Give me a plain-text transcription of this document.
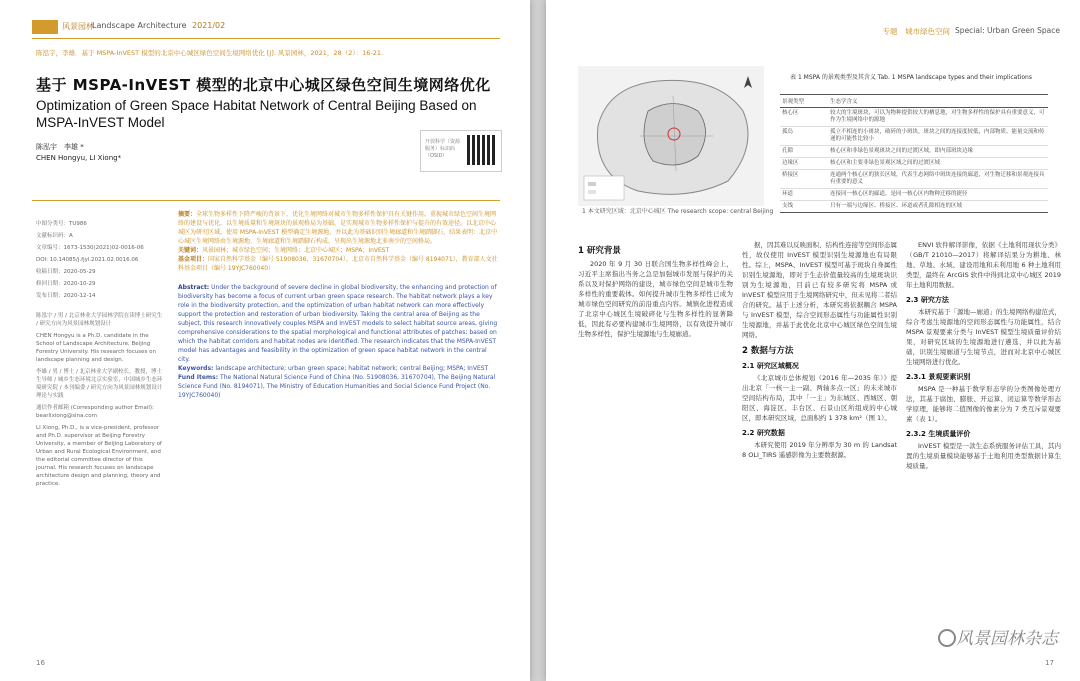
风景园林
Landscape Architecture 2021/02
陈泓宇，李雄．基于 MSPA-InVEST 模型的北京中心城区绿色空间生境网络优化 [J]. 风景园林，2021，28（2）：16-21.
基于 MSPA-InVEST 模型的北京中心城区绿色空间生境网络优化
Optimization of Green Space Habitat Network of Central Beijing Based on MSPA-InVEST Model
陈泓宇　李雄 *
CHEN Hongyu, LI Xiong*
开放科学（资源服务）标识码（OSID）

中图分类号：TU986

文献标识码：A

文章编号：1673-1530(2021)02-0016-06

DOI: 10.14085/j.fjyl.2021.02.0016.06

收稿日期：2020-05-29

修回日期：2020-10-29

发布日期：2020-12-14

陈泓宇 / 男 / 北京林业大学园林学院在读博士研究生 / 研究方向为风景园林规划设计

CHEN Hongyu is a Ph.D. candidate in the School of Landscape Architecture, Beijing Forestry University. His research focuses on landscape planning and design.

李雄 / 男 / 博士 / 北京林业大学副校长，教授，博士生导师 / 城乡生态环境北京实验室，中国城乡生态环境研究院 / 本刊编委 / 研究方向为风景园林规划设计理论与实践

通信作者邮箱 (Corresponding author Email): bearlixiong@sina.com

LI Xiong, Ph.D., is a vice-president, professor and Ph.D. supervisor at Beijing Forestry University, a member of Beijing Laboratory of Urban and Rural Ecological Environment, and the editorial committee director of this journal. His research focuses on landscape architecture design and planning, theory and practice.

摘要：全球生物多样性下降严峻的背景下，优化生境网络对城市生物多样性保护具有关键作用。重视城市绿色空间生境网络的建设与优化，以生境质量和生境斑块的景观格局为基础，是实现城市生物多样性保护与提升的有效途径。以北京中心城区为研究区域，使用 MSPA-InVEST 模型确定生境源地，并以此为基础识别生境廊道和生境踏脚石，结果表明：北京中心城区生境网络由生境源地、生境廊道和生境踏脚石构成，呈现出生境源地北多南少的空间格局。
关键词：风景园林；城市绿色空间；生境网络；北京中心城区；MSPA；InVEST
基金项目：国家自然科学基金（编号 51908036，31670704），北京市自然科学基金（编号 8194071），教育部人文社科基金项目（编号 19YJC760040）
Abstract: Under the background of severe decline in global biodiversity, the enhancing and protection of biodiversity has become a focus of current urban green space research. The habitat network plays a key role in the biodiversity protection, and the optimization of urban habitat network can more effectively support the protection and restoration of urban biodiversity. Taking the central area of Beijing as the subject, this research innovatively couples MSPA and InVEST models to select habitat source areas, giving comprehensive considerations to the spatial morphological and functional attributes of patches; based on which the habitat corridors and habitat nodes are identified. The research indicates that the MSPA-InVEST model has advantages and feasibility in the optimization of green space habitat network in the central city.
Keywords: landscape architecture; urban green space; habitat network; central Beijing; MSPA; InVEST
Fund Items: The National Natural Science Fund of China (No. 51908036, 31670704), The Beijing Natural Science Fund (No. 8194071), The Ministry of Education Humanities and Social Science Fund Project (No. 19YJC760040)
16
专题　城市绿色空间 Special: Urban Green Space
1 本文研究区域：北京中心城区 The research scope: central Beijing
表 1 MSPA 的景观类型及其含义 Tab. 1 MSPA landscape types and their implications
景观类型	生态学含义
核心区	较大的生境斑块，可以为物种提供较大的栖息地，对生物多样性的保护具有重要意义，可作为生境网络中的源地
孤岛	孤立不相连的小斑块，破碎的小斑块，斑块之间的连接度较低，内部物质、能量交流和传递的可能性比较小
孔隙	核心区和非绿色景观斑块之间的过渡区域，即内部斑块边缘
边缘区	核心区和主要非绿色景观区域之间的过渡区域
桥接区	连通两个核心区的狭长区域，代表生态网络中斑块连接的廊道，对生物迁移和景观连接具有重要的意义
环道	连接同一核心区的廊道，是同一核心区内物种迁移的捷径
支线	只有一端与边缘区、桥接区、环道或者孔隙相连的区域
1 研究背景

2020 年 9 月 30 日联合国生物多样性峰会上，习近平主席指出当务之急是加强城市发展与保护的关系以及对保护网络的建设，城市绿色空间是城市生物多样性的重要载体。如何提升城市生物多样性已成为城市绿色空间研究的前沿重点内容。城镇化进程造成了北京中心城区生境破碎化与生物多样性的显著降低，因此有必要构建城市生境网络，以有效提升城市生物多样性，保护生境源地与生境廊道。

据，因其难以反映面积、结构性连接等空间形态属性，故仅使用 InVEST 模型识别生境源地也有局限性。综上，MSPA、InVEST 模型可基于斑块自身属性识别生境源地，即对于生态价值量较高的生境斑块识别为生境源地，目前已有较多研究将 MSPA 或 InVEST 模型应用于生境网络研究中，但未见将二者结合的研究。基于上述分析，本研究将依据耦合 MSPA 与 InVEST 模型，综合空间形态属性与功能属性识别生境源地，并基于此优化北京中心城区绿色空间生境网络。

2 数据与方法
2.1 研究区域概况

《北京城市总体规划（2016 年—2035 年）》提出北京「一核一主一副、两轴多点一区」的未来城市空间结构布局，其中「一主」为东城区、西城区、朝阳区、海淀区、丰台区、石景山区所组成的中心城区，即本研究区域，总面积约 1 378 km²（图 1）。

2.2 研究数据

本研究使用 2019 年分辨率为 30 m 的 Landsat 8 OLI_TIRS 遥感影像为主要数据源。

ENVI 软件解译影像，依据《土地利用现状分类》（GB/T 21010—2017）将解译结果分为耕地、林地、草地、水域、建设用地和未利用地 6 种土地利用类型，最终在 ArcGIS 软件中得到北京中心城区 2019 年土地利用数据。

2.3 研究方法

本研究基于「源地—廊道」的生境网络构建范式，综合考虑生境源地的空间形态属性与功能属性，结合 MSPA 景观要素分类与 InVEST 模型生境质量评价结果，对研究区域的生境源地进行遴选，并以此为基础，识别生境廊道与生境节点，进而对北京中心城区生境网络进行优化。

2.3.1 景观要素识别

MSPA 是一种基于数学形态学的分类图像处理方法，其基于腐蚀、膨胀、开运算、闭运算等数学形态学原理，能够将二值图像的像素分为 7 类互斥景观要素（表 1）。

2.3.2 生境质量评价

InVEST 模型是一款生态系统服务评估工具，其内置的生境质量模块能够基于土地利用类型数据计算生境质量。

风景园林杂志
17
